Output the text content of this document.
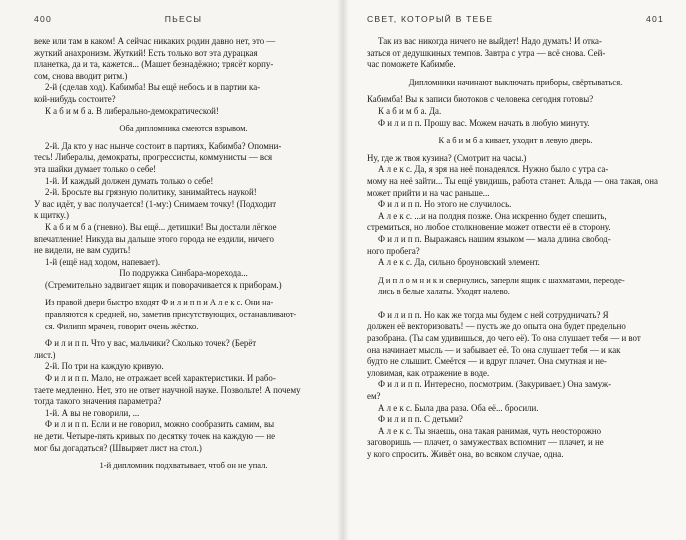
400	ПЬЕСЫ
веке или там в каком! А сейчас никаких родин давно нет, это —
жуткий анахронизм. Жуткий! Есть только вот эта дурацкая
планетка, да и та, кажется... (Машет безнадёжно; трясёт корпу-
сом, снова вводит ритм.)
2-й (сделав ход). Кабимба! Вы ещё небось и в партии ка-
кой-нибудь состоите?
К а б и м б а. В либерально-демократической!
Оба дипломника смеются взрывом.
2-й. Да кто у нас нынче состоит в партиях, Кабимба? Опомни-
тесь! Либералы, демократы, прогрессисты, коммунисты — вся
эта шайки думает только о себе!
1-й. И каждый должен думать только о себе!
2-й. Бросьте вы грязную политику, занимайтесь наукой!
У вас идёт, у вас получается! (1-му:) Снимаем точку! (Подходит
к щитку.)
К а б и м б а (гневно). Вы ещё... детишки! Вы достали лёгкое
впечатление! Никуда вы дальше этого города не ездили, ничего
не видели, не вам судить!
1-й (ещё над ходом, напевает).
По подружка Синбара-морехода...
(Стремительно задвигает ящик и поворачивается к приборам.)
Из правой двери быстро входят Ф и л и п п и А л е к с. Они на-
правляются к средней, но, заметив присутствующих, останавливают-
ся. Филипп мрачен, говорит очень жёстко.
Ф и л и п п. Что у вас, мальчики? Сколько точек? (Берёт
лист.)
2-й. По три на каждую кривую.
Ф и л и п п. Мало, не отражает всей характеристики. И рабо-
таете медленно. Нет, это не ответ научной науке. Позвольте! А почему
тогда такого значения параметра?
1-й. А вы не говорили, ...
Ф и л и п п. Если и не говорил, можно сообразить самим, вы
не дети. Четыре-пять кривых по десятку точек на каждую — не
мог бы догадаться? (Швыряет лист на стол.)
1-й дипломник подхватывает, чтоб он не упал.
СВЕТ, КОТОРЫЙ В ТЕБЕ	401
Так из вас никогда ничего не выйдет! Надо думать! И отка-
заться от дедушкиных темпов. Завтра с утра — всё снова. Сей-
час поможете Кабимбе.
Дипломники начинают выключать приборы, свёртываться.
Кабимба! Вы к записи биотоков с человека сегодня готовы?
К а б и м б а. Да.
Ф и л и п п. Прошу вас. Можем начать в любую минуту.
К а б и м б а кивает, уходит в левую дверь.
Ну, где ж твоя кузина? (Смотрит на часы.)
А л е к с. Да, я зря на неё понадеялся. Нужно было с утра са-
мому на неё зайти... Ты ещё увидишь, работа станет. Альда — она такая, она
может прийти и на час раньше...
Ф и л и п п. Но этого не случилось.
А л е к с. ...и на полдня позже. Она искренно будет спешить,
стремиться, но любое столкновение может отвести её в сторону.
Ф и л и п п. Выражаясь нашим языком — мала длина свобод-
ного пробега?
А л е к с. Да, сильно броуновский элемент.
Д и п л о м н и к и свернулись, заперли ящик с шахматами, переоде-
лись в белые халаты. Уходят налево.
Ф и л и п п. Но как же тогда мы будем с ней сотрудничать? Я
должен её векторизовать! — пусть же до опыта она будет предельно
разобрана. (Ты сам удивишься, до чего её). То она слушает тебя — и вот
она начинает мысль — и забывает её. То она слушает тебя — и как
будто не слышит. Смеётся — и вдруг плачет. Она смутная и не-
уловимая, как отражение в воде.
Ф и л и п п. Интересно, посмотрим. (Закуривает.) Она замуж-
ем?
А л е к с. Была два раза. Оба её... бросили.
Ф и л и п п. С детьми?
А л е к с. Ты знаешь, она такая ранимая, чуть неосторожно
заговоришь — плачет, о замужествах вспомнит — плачет, и не
у кого спросить. Живёт она, во всяком случае, одна.
